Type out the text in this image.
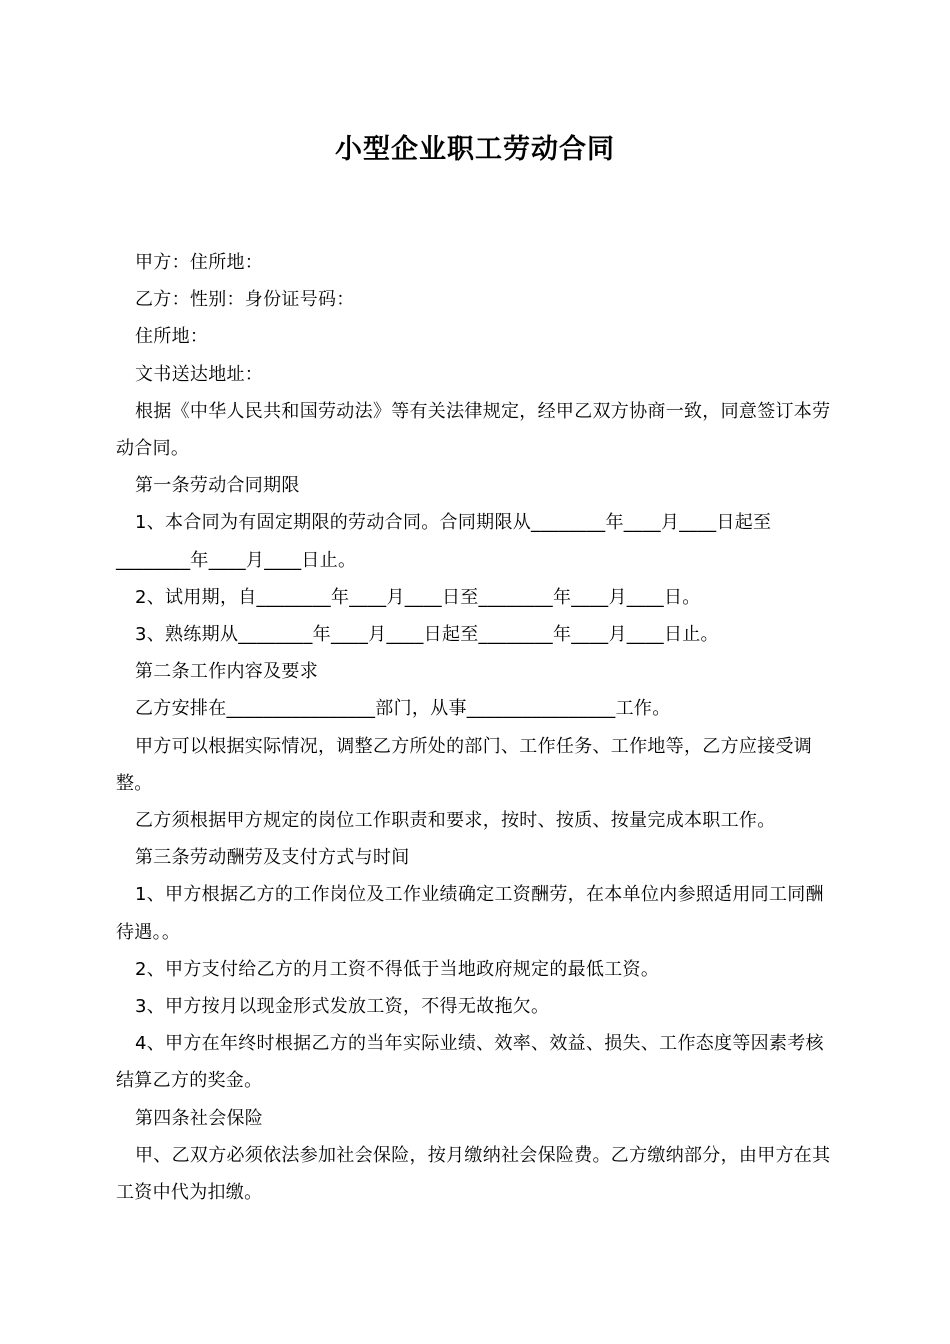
小型企业职工劳动合同

甲方：住所地：

乙方：性别：身份证号码：

住所地：

文书送达地址：

根据《中华人民共和国劳动法》等有关法律规定，经甲乙双方协商一致，同意签订本劳动合同。

第一条劳动合同期限

1、本合同为有固定期限的劳动合同。合同期限从________年____月____日起至________年____月____日止。

2、试用期，自________年____月____日至________年____月____日。

3、熟练期从________年____月____日起至________年____月____日止。

第二条工作内容及要求

乙方安排在________________部门，从事________________工作。

甲方可以根据实际情况，调整乙方所处的部门、工作任务、工作地等，乙方应接受调整。

乙方须根据甲方规定的岗位工作职责和要求，按时、按质、按量完成本职工作。

第三条劳动酬劳及支付方式与时间

1、甲方根据乙方的工作岗位及工作业绩确定工资酬劳，在本单位内参照适用同工同酬待遇。。

2、甲方支付给乙方的月工资不得低于当地政府规定的最低工资。

3、甲方按月以现金形式发放工资，不得无故拖欠。

4、甲方在年终时根据乙方的当年实际业绩、效率、效益、损失、工作态度等因素考核结算乙方的奖金。

第四条社会保险

甲、乙双方必须依法参加社会保险，按月缴纳社会保险费。乙方缴纳部分，由甲方在其工资中代为扣缴。
